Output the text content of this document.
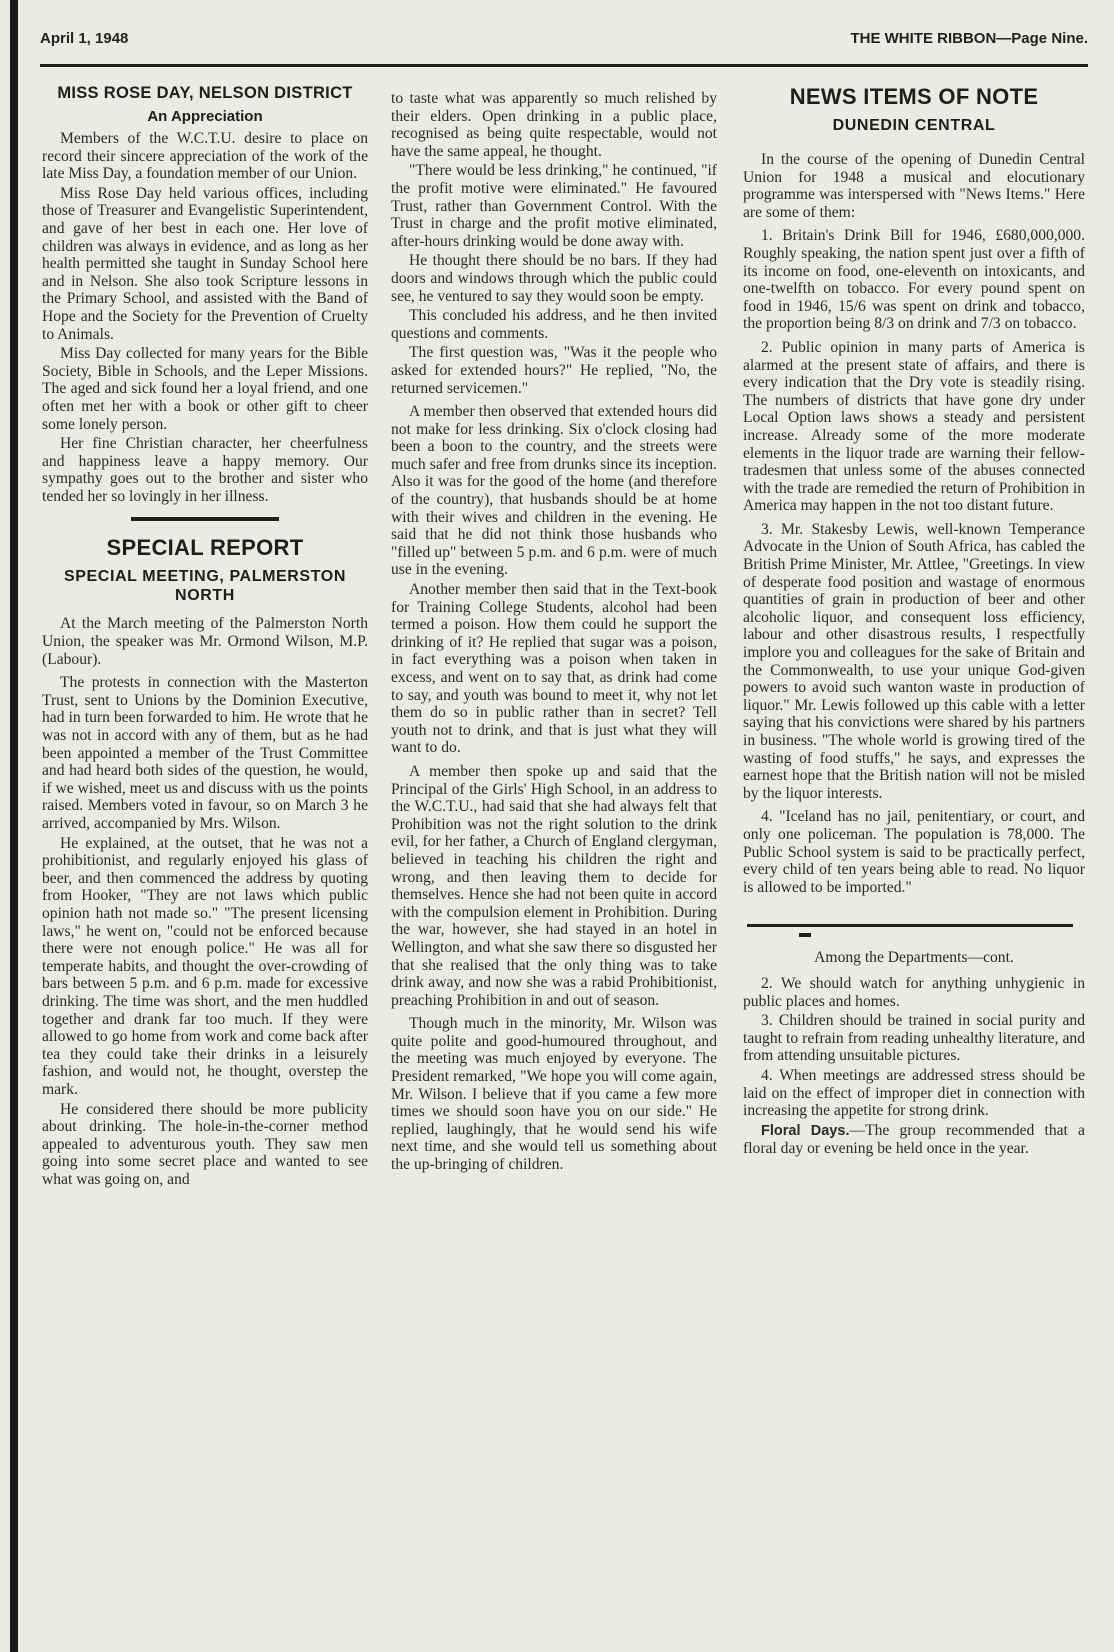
April 1, 1948	THE WHITE RIBBON—Page Nine.
MISS ROSE DAY, NELSON DISTRICT
An Appreciation

Members of the W.C.T.U. desire to place on record their sincere appreciation of the work of the late Miss Day, a foundation member of our Union.

Miss Rose Day held various offices, including those of Treasurer and Evangelistic Superintendent, and gave of her best in each one. Her love of children was always in evidence, and as long as her health permitted she taught in Sunday School here and in Nelson. She also took Scripture lessons in the Primary School, and assisted with the Band of Hope and the Society for the Prevention of Cruelty to Animals.

Miss Day collected for many years for the Bible Society, Bible in Schools, and the Leper Missions. The aged and sick found her a loyal friend, and one often met her with a book or other gift to cheer some lonely person.

Her fine Christian character, her cheerfulness and happiness leave a happy memory. Our sympathy goes out to the brother and sister who tended her so lovingly in her illness.

SPECIAL REPORT
SPECIAL MEETING, PALMERSTON NORTH

At the March meeting of the Palmerston North Union, the speaker was Mr. Ormond Wilson, M.P. (Labour).

The protests in connection with the Masterton Trust, sent to Unions by the Dominion Executive, had in turn been forwarded to him. He wrote that he was not in accord with any of them, but as he had been appointed a member of the Trust Committee and had heard both sides of the question, he would, if we wished, meet us and discuss with us the points raised. Members voted in favour, so on March 3 he arrived, accompanied by Mrs. Wilson.

He explained, at the outset, that he was not a prohibitionist, and regularly enjoyed his glass of beer, and then commenced the address by quoting from Hooker, "They are not laws which public opinion hath not made so." "The present licensing laws," he went on, "could not be enforced because there were not enough police." He was all for temperate habits, and thought the over-crowding of bars between 5 p.m. and 6 p.m. made for excessive drinking. The time was short, and the men huddled together and drank far too much. If they were allowed to go home from work and come back after tea they could take their drinks in a leisurely fashion, and would not, he thought, overstep the mark.

He considered there should be more publicity about drinking. The hole-in-the-corner method appealed to adventurous youth. They saw men going into some secret place and wanted to see what was going on, and

to taste what was apparently so much relished by their elders. Open drinking in a public place, recognised as being quite respectable, would not have the same appeal, he thought.

"There would be less drinking," he continued, "if the profit motive were eliminated." He favoured Trust, rather than Government Control. With the Trust in charge and the profit motive eliminated, after-hours drinking would be done away with.

He thought there should be no bars. If they had doors and windows through which the public could see, he ventured to say they would soon be empty.

This concluded his address, and he then invited questions and comments.

The first question was, "Was it the people who asked for extended hours?" He replied, "No, the returned servicemen."

A member then observed that extended hours did not make for less drinking. Six o'clock closing had been a boon to the country, and the streets were much safer and free from drunks since its inception. Also it was for the good of the home (and therefore of the country), that husbands should be at home with their wives and children in the evening. He said that he did not think those husbands who "filled up" between 5 p.m. and 6 p.m. were of much use in the evening.

Another member then said that in the Text-book for Training College Students, alcohol had been termed a poison. How them could he support the drinking of it? He replied that sugar was a poison, in fact everything was a poison when taken in excess, and went on to say that, as drink had come to say, and youth was bound to meet it, why not let them do so in public rather than in secret? Tell youth not to drink, and that is just what they will want to do.

A member then spoke up and said that the Principal of the Girls' High School, in an address to the W.C.T.U., had said that she had always felt that Prohibition was not the right solution to the drink evil, for her father, a Church of England clergyman, believed in teaching his children the right and wrong, and then leaving them to decide for themselves. Hence she had not been quite in accord with the compulsion element in Prohibition. During the war, however, she had stayed in an hotel in Wellington, and what she saw there so disgusted her that she realised that the only thing was to take drink away, and now she was a rabid Prohibitionist, preaching Prohibition in and out of season.

Though much in the minority, Mr. Wilson was quite polite and good-humoured throughout, and the meeting was much enjoyed by everyone. The President remarked, "We hope you will come again, Mr. Wilson. I believe that if you came a few more times we should soon have you on our side." He replied, laughingly, that he would send his wife next time, and she would tell us something about the up-bringing of children.

NEWS ITEMS OF NOTE
DUNEDIN CENTRAL

In the course of the opening of Dunedin Central Union for 1948 a musical and elocutionary programme was interspersed with "News Items." Here are some of them:

1. Britain's Drink Bill for 1946, £680,000,000. Roughly speaking, the nation spent just over a fifth of its income on food, one-eleventh on intoxicants, and one-twelfth on tobacco. For every pound spent on food in 1946, 15/6 was spent on drink and tobacco, the proportion being 8/3 on drink and 7/3 on tobacco.

2. Public opinion in many parts of America is alarmed at the present state of affairs, and there is every indication that the Dry vote is steadily rising. The numbers of districts that have gone dry under Local Option laws shows a steady and persistent increase. Already some of the more moderate elements in the liquor trade are warning their fellow-tradesmen that unless some of the abuses connected with the trade are remedied the return of Prohibition in America may happen in the not too distant future.

3. Mr. Stakesby Lewis, well-known Temperance Advocate in the Union of South Africa, has cabled the British Prime Minister, Mr. Attlee, "Greetings. In view of desperate food position and wastage of enormous quantities of grain in production of beer and other alcoholic liquor, and consequent loss efficiency, labour and other disastrous results, I respectfully implore you and colleagues for the sake of Britain and the Commonwealth, to use your unique God-given powers to avoid such wanton waste in production of liquor." Mr. Lewis followed up this cable with a letter saying that his convictions were shared by his partners in business. "The whole world is growing tired of the wasting of food stuffs," he says, and expresses the earnest hope that the British nation will not be misled by the liquor interests.

4. "Iceland has no jail, penitentiary, or court, and only one policeman. The population is 78,000. The Public School system is said to be practically perfect, every child of ten years being able to read. No liquor is allowed to be imported."

Among the Departments—cont.

2. We should watch for anything unhygienic in public places and homes.

3. Children should be trained in social purity and taught to refrain from reading unhealthy literature, and from attending unsuitable pictures.

4. When meetings are addressed stress should be laid on the effect of improper diet in connection with increasing the appetite for strong drink.

Floral Days.—The group recommended that a floral day or evening be held once in the year.
